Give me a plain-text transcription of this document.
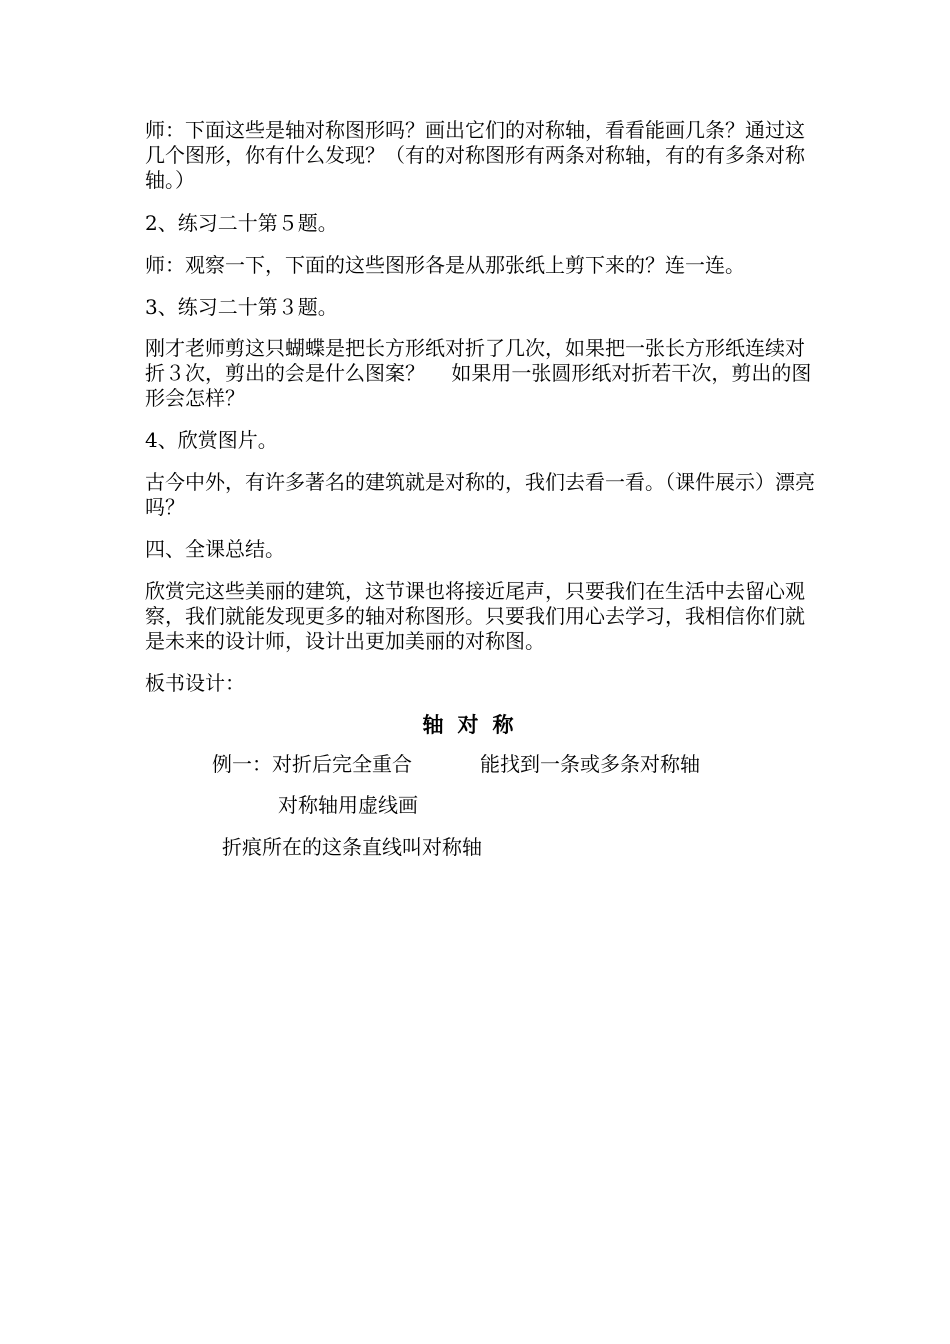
师：下面这些是轴对称图形吗？画出它们的对称轴，看看能画几条？通过这几个图形，你有什么发现？（有的对称图形有两条对称轴，有的有多条对称轴。）

2、练习二十第５题。

师：观察一下，下面的这些图形各是从那张纸上剪下来的？连一连。

3、练习二十第３题。

刚才老师剪这只蝴蝶是把长方形纸对折了几次，如果把一张长方形纸连续对折３次，剪出的会是什么图案？　 如果用一张圆形纸对折若干次，剪出的图形会怎样？

4、欣赏图片。

古今中外，有许多著名的建筑就是对称的，我们去看一看。（课件展示）漂亮吗？

四、全课总结。

欣赏完这些美丽的建筑，这节课也将接近尾声，只要我们在生活中去留心观察，我们就能发现更多的轴对称图形。只要我们用心去学习，我相信你们就是未来的设计师，设计出更加美丽的对称图。

板书设计：

轴对称

例一：对折后完全重合	能找到一条或多条对称轴

对称轴用虚线画

折痕所在的这条直线叫对称轴
